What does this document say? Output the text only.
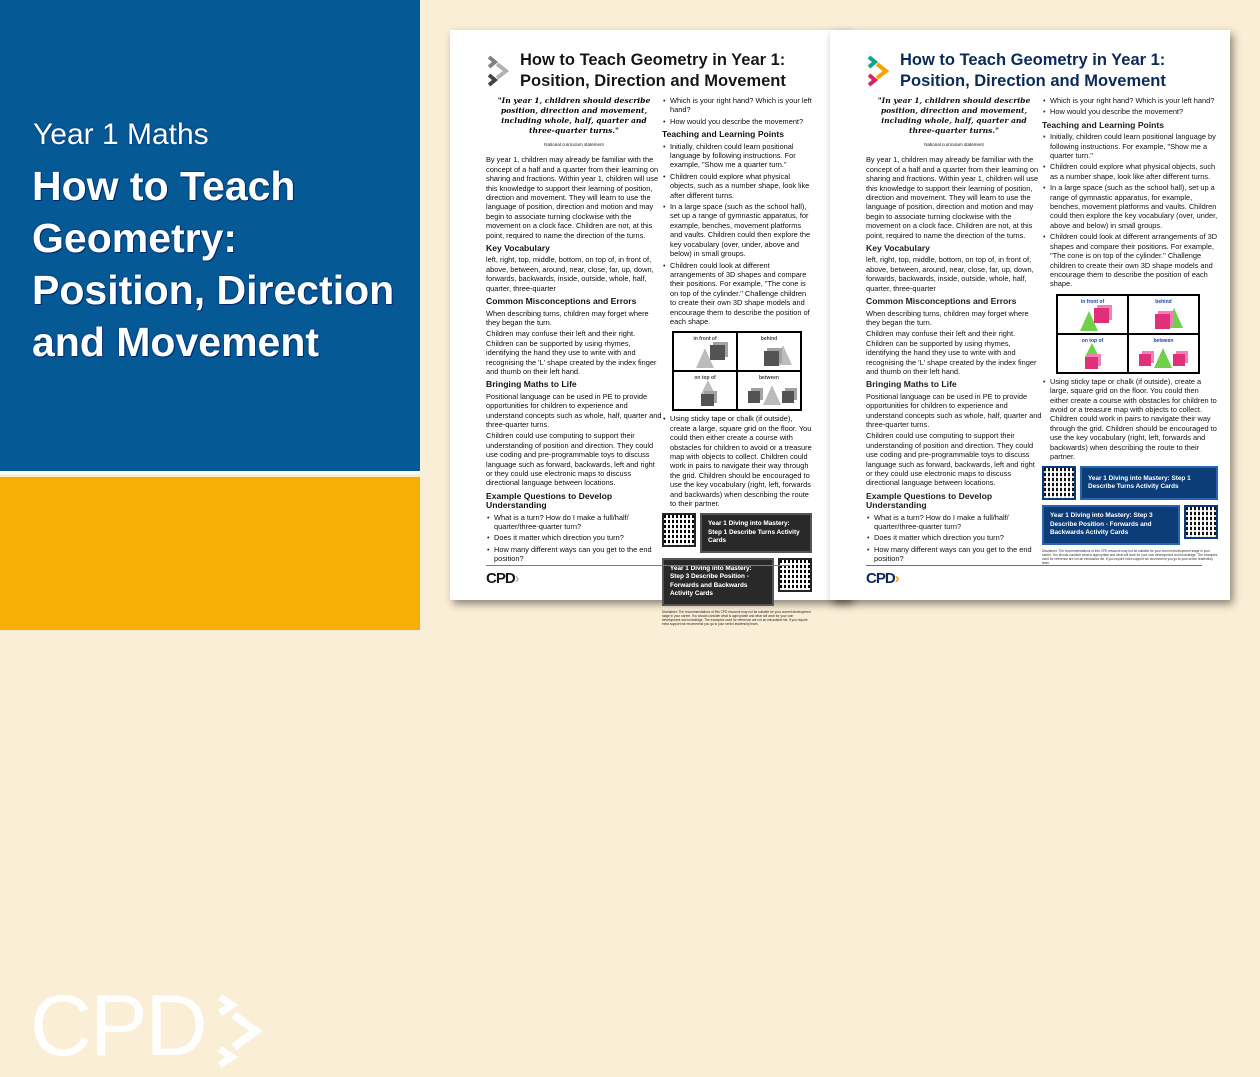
Year 1 Maths
How to Teach Geometry: Position, Direction and Movement
CPD
How to Teach Geometry in Year 1:
Position, Direction and Movement
"In year 1, children should describe position, direction and movement, including whole, half, quarter and three-quarter turns."
National curriculum statement

By year 1, children may already be familiar with the concept of a half and a quarter from their learning on sharing and fractions. Within year 1, children will use this knowledge to support their learning of position, direction and movement. They will learn to use the language of position, direction and motion and may begin to associate turning clockwise with the movement on a clock face. Children are not, at this point, required to name the direction of the turns.

Key Vocabulary

left, right, top, middle, bottom, on top of, in front of, above, between, around, near, close, far, up, down, forwards, backwards, inside, outside, whole, half, quarter, three-quarter

Common Misconceptions and Errors

When describing turns, children may forget where they began the turn.

Children may confuse their left and their right. Children can be supported by using rhymes, identifying the hand they use to write with and recognising the 'L' shape created by the index finger and thumb on their left hand.

Bringing Maths to Life

Positional language can be used in PE to provide opportunities for children to experience and understand concepts such as whole, half, quarter and three-quarter turns.

Children could use computing to support their understanding of position and direction. They could use coding and pre-programmable toys to discuss language such as forward, backwards, left and right or they could use electronic maps to discuss directional language between locations.

Example Questions to Develop Understanding
• What is a turn? How do I make a full/half/ quarter/three-quarter turn?
• Does it matter which direction you turn?
• How many different ways can you get to the end position?
• Which is your right hand? Which is your left hand?
• How would you describe the movement?
Teaching and Learning Points
• Initially, children could learn positional language by following instructions. For example, "Show me a quarter turn."
• Children could explore what physical objects, such as a number shape, look like after different turns.
• In a large space (such as the school hall), set up a range of gymnastic apparatus, for example, benches, movement platforms and vaults. Children could then explore the key vocabulary (over, under, above and below) in small groups.
• Children could look at different arrangements of 3D shapes and compare their positions. For example, "The cone is on top of the cylinder." Challenge children to create their own 3D shape models and encourage them to describe the position of each shape.
in front of	behind
on top of	between
• Using sticky tape or chalk (if outside), create a large, square grid on the floor. You could then either create a course with obstacles for children to avoid or a treasure map with objects to collect. Children could work in pairs to navigate their way through the grid. Children should be encouraged to use the key vocabulary (right, left, forwards and backwards) when describing the route to their partner.
Year 1 Diving into Mastery: Step 1 Describe Turns Activity Cards
Year 1 Diving into Mastery: Step 3 Describe Position - Forwards and Backwards Activity Cards
Disclaimer: The recommendations of this CPD resource may not be suitable for your current development stage in your career. You should consider what is appropriate and what will work for your own development and knowledge. The examples used for reference are not an exhaustive list. If you require extra support we recommend you go to your senior leadership team.
CPD›
How to Teach Geometry in Year 1:
Position, Direction and Movement
"In year 1, children should describe position, direction and movement, including whole, half, quarter and three-quarter turns."
National curriculum statement

By year 1, children may already be familiar with the concept of a half and a quarter from their learning on sharing and fractions. Within year 1, children will use this knowledge to support their learning of position, direction and movement. They will learn to use the language of position, direction and motion and may begin to associate turning clockwise with the movement on a clock face. Children are not, at this point, required to name the direction of the turns.

Key Vocabulary

left, right, top, middle, bottom, on top of, in front of, above, between, around, near, close, far, up, down, forwards, backwards, inside, outside, whole, half, quarter, three-quarter

Common Misconceptions and Errors

When describing turns, children may forget where they began the turn.

Children may confuse their left and their right. Children can be supported by using rhymes, identifying the hand they use to write with and recognising the 'L' shape created by the index finger and thumb on their left hand.

Bringing Maths to Life

Positional language can be used in PE to provide opportunities for children to experience and understand concepts such as whole, half, quarter and three-quarter turns.

Children could use computing to support their understanding of position and direction. They could use coding and pre-programmable toys to discuss language such as forward, backwards, left and right or they could use electronic maps to discuss directional language between locations.

Example Questions to Develop Understanding
• What is a turn? How do I make a full/half/ quarter/three-quarter turn?
• Does it matter which direction you turn?
• How many different ways can you get to the end position?
• Which is your right hand? Which is your left hand?
• How would you describe the movement?
Teaching and Learning Points
• Initially, children could learn positional language by following instructions. For example, "Show me a quarter turn."
• Children could explore what physical objects, such as a number shape, look like after different turns.
• In a large space (such as the school hall), set up a range of gymnastic apparatus, for example, benches, movement platforms and vaults. Children could then explore the key vocabulary (over, under, above and below) in small groups.
• Children could look at different arrangements of 3D shapes and compare their positions. For example, "The cone is on top of the cylinder." Challenge children to create their own 3D shape models and encourage them to describe the position of each shape.
in front of	behind
on top of	between
• Using sticky tape or chalk (if outside), create a large, square grid on the floor. You could then either create a course with obstacles for children to avoid or a treasure map with objects to collect. Children could work in pairs to navigate their way through the grid. Children should be encouraged to use the key vocabulary (right, left, forwards and backwards) when describing the route to their partner.
Year 1 Diving into Mastery: Step 1 Describe Turns Activity Cards
Year 1 Diving into Mastery: Step 3 Describe Position - Forwards and Backwards Activity Cards
Disclaimer: The recommendations of this CPD resource may not be suitable for your current development stage in your career. You should consider what is appropriate and what will work for your own development and knowledge. The examples used for reference are not an exhaustive list. If you require extra support we recommend you go to your senior leadership team.
CPD›
